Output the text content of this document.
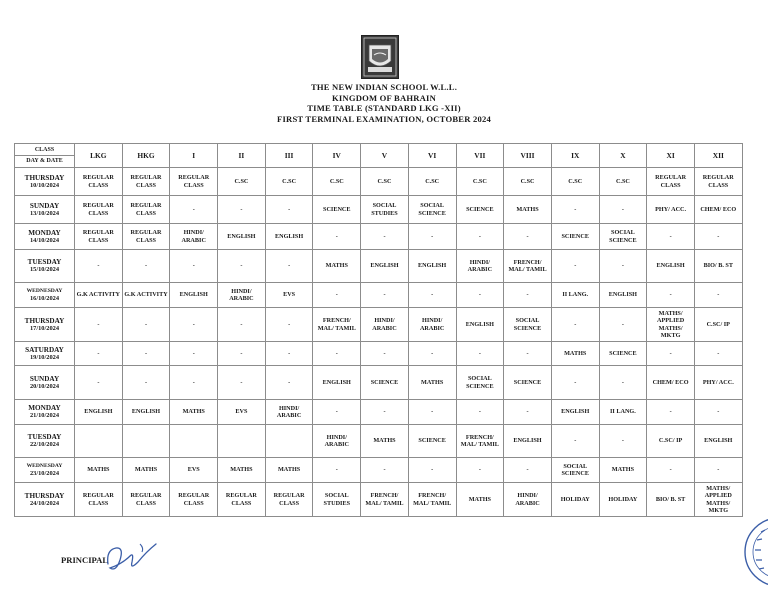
THE NEW INDIAN SCHOOL W.L.L.
KINGDOM OF BAHRAIN
TIME TABLE (STANDARD LKG -XII)
FIRST TERMINAL EXAMINATION, OCTOBER 2024
CLASS
DAY & DATE	LKG	HKG	I	II	III	IV	V	VI	VII	VIII	IX	X	XI	XII

THURSDAY
10/10/2024	REGULAR CLASS	REGULAR CLASS	REGULAR CLASS	C.SC	C.SC	C.SC	C.SC	C.SC	C.SC	C.SC	C.SC	C.SC	REGULAR CLASS	REGULAR CLASS

SUNDAY
13/10/2024	REGULAR CLASS	REGULAR CLASS	-	-	-	SCIENCE	SOCIAL STUDIES	SOCIAL SCIENCE	SCIENCE	MATHS	-	-	PHY/ ACC.	CHEM/ ECO

MONDAY
14/10/2024	REGULAR CLASS	REGULAR CLASS	HINDI/ ARABIC	ENGLISH	ENGLISH	-	-	-	-	-	SCIENCE	SOCIAL SCIENCE	-	-

TUESDAY
15/10/2024	-	-	-	-	-	MATHS	ENGLISH	ENGLISH	HINDI/ ARABIC	FRENCH/ MAL/ TAMIL	-	-	ENGLISH	BIO/ B. ST

WEDNESDAY
16/10/2024	G.K ACTIVITY	G.K ACTIVITY	ENGLISH	HINDI/ ARABIC	EVS	-	-	-	-	-	II LANG.	ENGLISH	-	-

THURSDAY
17/10/2024	-	-	-	-	-	FRENCH/ MAL/ TAMIL	HINDI/ ARABIC	HINDI/ ARABIC	ENGLISH	SOCIAL SCIENCE	-	-	MATHS/ APPLIED MATHS/ MKTG	C.SC/ IP

SATURDAY
19/10/2024	-	-	-	-	-	-	-	-	-	-	MATHS	SCIENCE	-	-

SUNDAY
20/10/2024	-	-	-	-	-	ENGLISH	SCIENCE	MATHS	SOCIAL SCIENCE	SCIENCE	-	-	CHEM/ ECO	PHY/ ACC.

MONDAY
21/10/2024	ENGLISH	ENGLISH	MATHS	EVS	HINDI/ ARABIC	-	-	-	-	-	ENGLISH	II LANG.	-	-

TUESDAY
22/10/2024						HINDI/ ARABIC	MATHS	SCIENCE	FRENCH/ MAL/ TAMIL	ENGLISH	-	-	C.SC/ IP	ENGLISH

WEDNESDAY
23/10/2024	MATHS	MATHS	EVS	MATHS	MATHS	-	-	-	-	-	SOCIAL SCIENCE	MATHS	-	-

THURSDAY
24/10/2024	REGULAR CLASS	REGULAR CLASS	REGULAR CLASS	REGULAR CLASS	REGULAR CLASS	SOCIAL STUDIES	FRENCH/ MAL/ TAMIL	FRENCH/ MAL/ TAMIL	MATHS	HINDI/ ARABIC	HOLIDAY	HOLIDAY	BIO/ B. ST	MATHS/ APPLIED MATHS/ MKTG
PRINCIPAL
